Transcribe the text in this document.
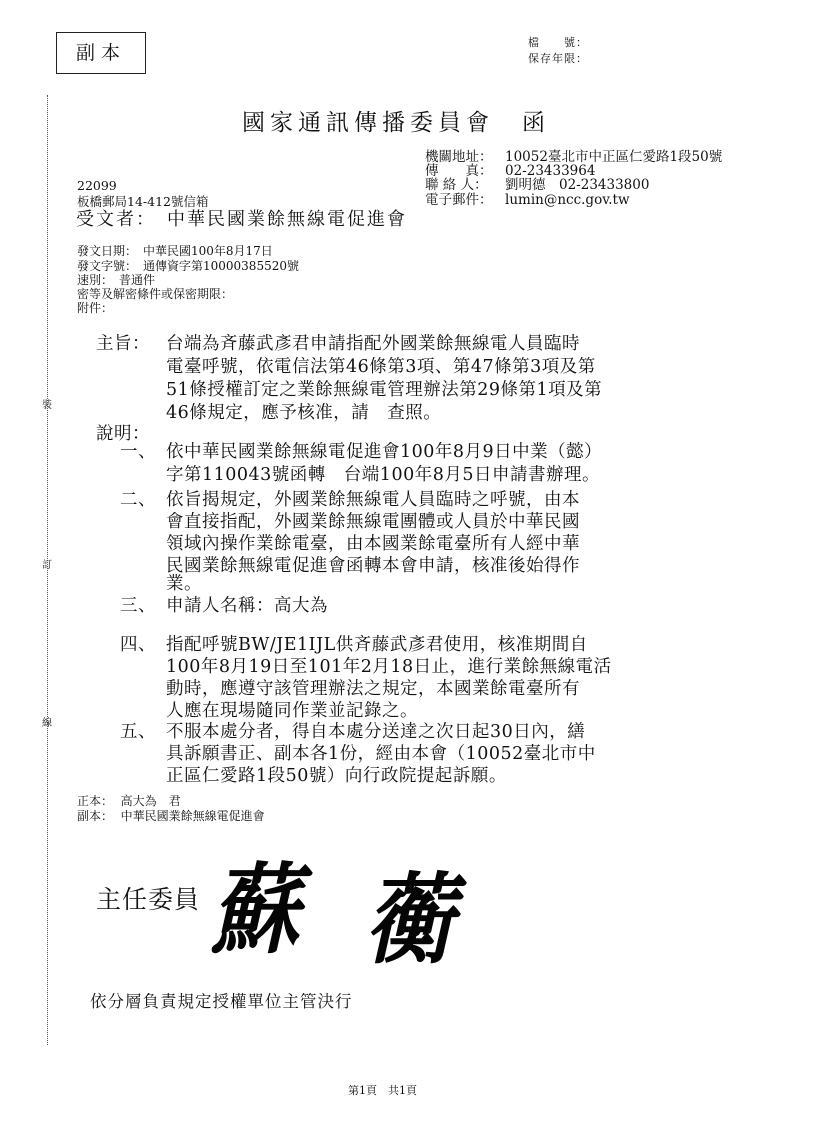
副本	檔　　號：
保存年限：
裝
訂
線
國家通訊傳播委員會　函
機關地址： 10052臺北市中正區仁愛路1段50號
傳　　真： 02-23433964
聯 絡 人： 劉明德　02-23433800
電子郵件： lumin@ncc.gov.tw
22099
板橋郵局14-412號信箱
受文者：　中華民國業餘無線電促進會
發文日期：　中華民國100年8月17日
發文字號：　通傳資字第10000385520號
速別：　普通件
密等及解密條件或保密期限：
附件：
主旨： 台端為斉藤武彥君申請指配外國業餘無線電人員臨時
電臺呼號，依電信法第46條第3項、第47條第3項及第
51條授權訂定之業餘無線電管理辦法第29條第1項及第
46條規定，應予核准，請　查照。
說明：
一、 依中華民國業餘無線電促進會100年8月9日中業（懿）
字第110043號函轉　台端100年8月5日申請書辦理。
二、 依旨揭規定，外國業餘無線電人員臨時之呼號，由本
會直接指配，外國業餘無線電團體或人員於中華民國
領域內操作業餘電臺，由本國業餘電臺所有人經中華
民國業餘無線電促進會函轉本會申請，核准後始得作
業。
三、 申請人名稱：高大為
四、 指配呼號BW/JE1IJL供斉藤武彥君使用，核准期間自
100年8月19日至101年2月18日止，進行業餘無線電活
動時，應遵守該管理辦法之規定，本國業餘電臺所有
人應在現場隨同作業並記錄之。
五、 不服本處分者，得自本處分送達之次日起30日內，繕
具訴願書正、副本各1份，經由本會（10052臺北市中
正區仁愛路1段50號）向行政院提起訴願。
正本： 高大為　君
副本： 中華民國業餘無線電促進會
主任委員 蘇 蘅
依分層負責規定授權單位主管決行
第1頁　共1頁
